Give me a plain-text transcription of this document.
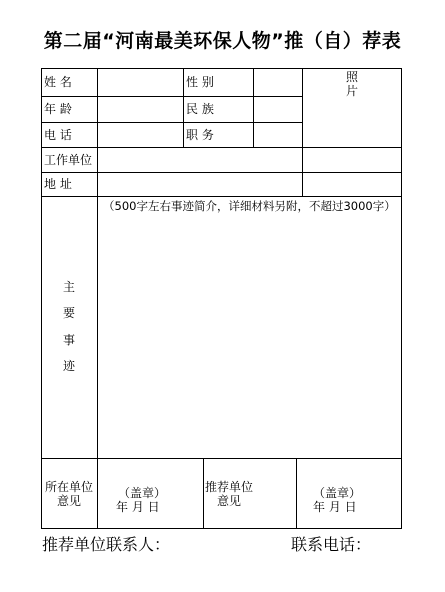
第二届“河南最美环保人物”推（自）荐表
姓 名
年 龄
电 话
工作单位
地 址
性 别
民 族
职 务
照
片
（500字左右事迹简介，详细材料另附，不超过3000字）
主
要
事
迹
所在单位
意见
（盖章）
年 月 日
推荐单位
意见
（盖章）
年 月 日
推荐单位联系人：	联系电话：
